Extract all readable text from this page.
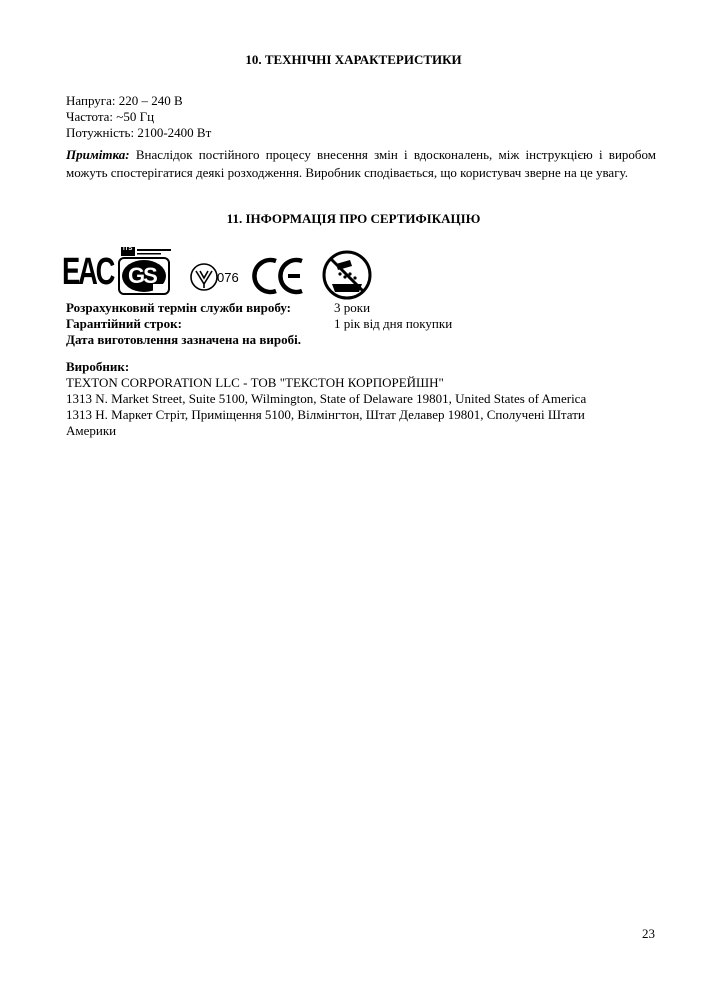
10. ТЕХНІЧНІ ХАРАКТЕРИСТИКИ
Напруга: 220 – 240 В
Частота: ~50 Гц
Потужність: 2100-2400 Вт
Примітка: Внаслідок постійного процесу внесення змін і вдосконалень, між інструкцією і виробом можуть спостерігатися деякі розходження. Виробник сподівається, що користувач зверне на це увагу.
11. ІНФОРМАЦІЯ ПРО СЕРТИФІКАЦІЮ
EAC
ITS
GS	076
Розрахунковий термін служби виробу:	3 роки
Гарантійний строк:	1 рік від дня покупки
Дата виготовлення зазначена на виробі.
Виробник:
TEXTON CORPORATION LLC - ТОВ "ТЕКСТОН КОРПОРЕЙШН"
1313 N. Market Street, Suite 5100, Wilmington, State of Delaware 19801, United States of America
1313 Н. Маркет Стріт, Приміщення 5100, Вілмінгтон, Штат Делавер 19801, Сполучені Штати
Америки
23
